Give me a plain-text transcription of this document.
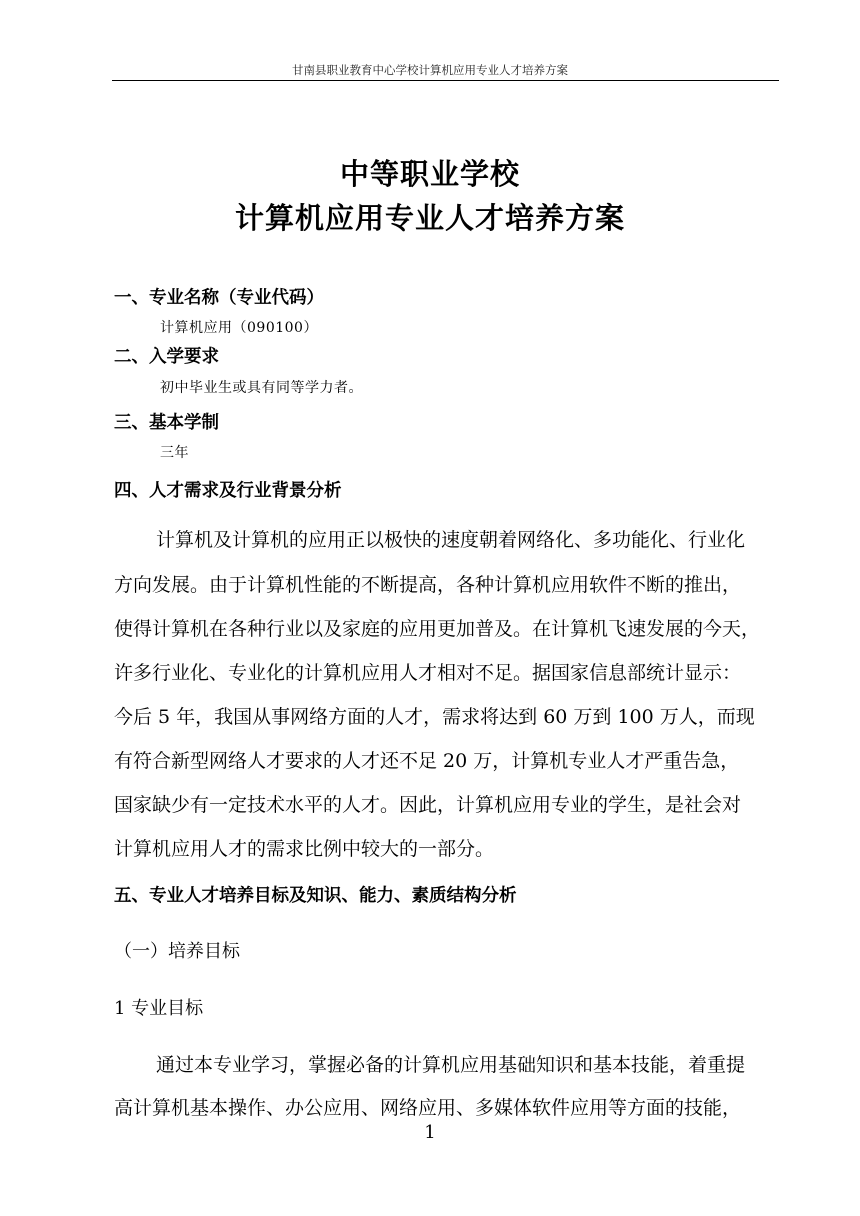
甘南县职业教育中心学校计算机应用专业人才培养方案
中等职业学校
计算机应用专业人才培养方案
一、专业名称（专业代码）
计算机应用（090100）
二、入学要求
初中毕业生或具有同等学力者。
三、基本学制
三年
四、人才需求及行业背景分析
计算机及计算机的应用正以极快的速度朝着网络化、多功能化、行业化
方向发展。由于计算机性能的不断提高，各种计算机应用软件不断的推出，
使得计算机在各种行业以及家庭的应用更加普及。在计算机飞速发展的今天，
许多行业化、专业化的计算机应用人才相对不足。据国家信息部统计显示：
今后 5 年，我国从事网络方面的人才，需求将达到 60 万到 100 万人，而现
有符合新型网络人才要求的人才还不足 20 万，计算机专业人才严重告急，
国家缺少有一定技术水平的人才。因此，计算机应用专业的学生，是社会对
计算机应用人才的需求比例中较大的一部分。
五、专业人才培养目标及知识、能力、素质结构分析
（一）培养目标
1 专业目标
通过本专业学习，掌握必备的计算机应用基础知识和基本技能，着重提
高计算机基本操作、办公应用、网络应用、多媒体软件应用等方面的技能，
1
